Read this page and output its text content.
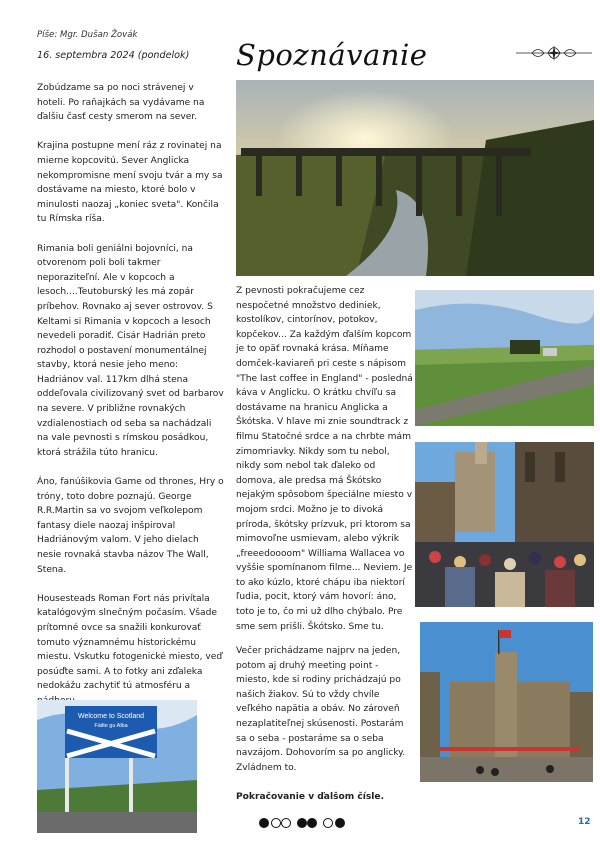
Píše: Mgr. Dušan Žovák
16. septembra 2024 (pondelok) Spoznávanie

Zobúdzame sa po noci strávenej v hoteli. Po raňajkách sa vydávame na ďalšiu časť cesty smerom na sever.

Krajina postupne mení ráz z rovinatej na mierne kopcovitú. Sever Anglicka nekompromisne mení svoju tvár a my sa dostávame na miesto, ktoré bolo v minulosti naozaj „koniec sveta". Končila tu Rímska ríša.

Rimania boli geniálni bojovníci, na otvorenom poli boli takmer neporaziteľní. Ale v kopcoch a lesoch....Teutoburský les má zopár príbehov. Rovnako aj sever ostrovov. S Keltami si Rimania v kopcoch a lesoch nevedeli poradiť. Cisár Hadrián preto rozhodol o postavení monumentálnej stavby, ktorá nesie jeho meno: Hadriánov val. 117km dlhá stena oddeľovala civilizovaný svet od barbarov na severe. V približne rovnakých vzdialenostiach od seba sa nachádzali na vale pevnosti s rímskou posádkou, ktorá strážila túto hranicu.

Áno, fanúšikovia Game od thrones, Hry o tróny, toto dobre poznajú. George R.R.Martin sa vo svojom veľkolepom fantasy diele naozaj inšpiroval Hadriánovým valom. V jeho dielach nesie rovnaká stavba názov The Wall, Stena.

Housesteads Roman Fort nás privítala katalógovým slnečným počasím. Všade prítomné ovce sa snažili konkurovať tomuto významnému historickému miestu. Vskutku fotogenické miesto, veď posúďte sami. A to fotky ani zďaleka nedokážu zachytiť tú atmosféru a

Z pevnosti pokračujeme cez nespočetné množstvo dediniek, kostolíkov, cintorínov, potokov, kopčekov... Za každým ďalším kopcom je to opäť rovnaká krása. Míňame domček-kaviareň pri ceste s nápisom "The last coffee in England" - posledná káva v Anglicku. O krátku chvíľu sa dostávame na hranicu Anglicka a Škótska. V hlave mi znie soundtrack z filmu Statočné srdce a na chrbte mám zimomriavky. Nikdy som tu nebol, nikdy som nebol tak ďaleko od domova, ale predsa má Škótsko nejakým spôsobom špeciálne miesto v mojom srdci. Možno je to divoká príroda, škótsky prízvuk, pri ktorom sa mimovoľne usmievam, alebo výkrik „freeedoooom" Williama Wallacea vo vyššie spomínanom filme... Neviem. Je to ako kúzlo, ktoré chápu iba niektorí ľudia, pocit, ktorý vám hovorí: áno, toto je to, čo mi už dlho chýbalo. Pre sme sem prišli. Škótsko. Sme tu.

Večer prichádzame najprv na jeden, potom aj druhý meeting point - miesto, kde si rodiny prichádzajú po našich žiakov. Sú to vždy chvíle veľkého napätia a obáv. No zároveň nezaplatiteľnej skúsenosti. Postarám sa o seba - postaráme sa o seba navzájom. Dohovorím sa po anglicky. Zvládnem to.

Pokračovanie v ďalšom čísle.

Welcome to Scotland
Fàilte gu Alba
12
